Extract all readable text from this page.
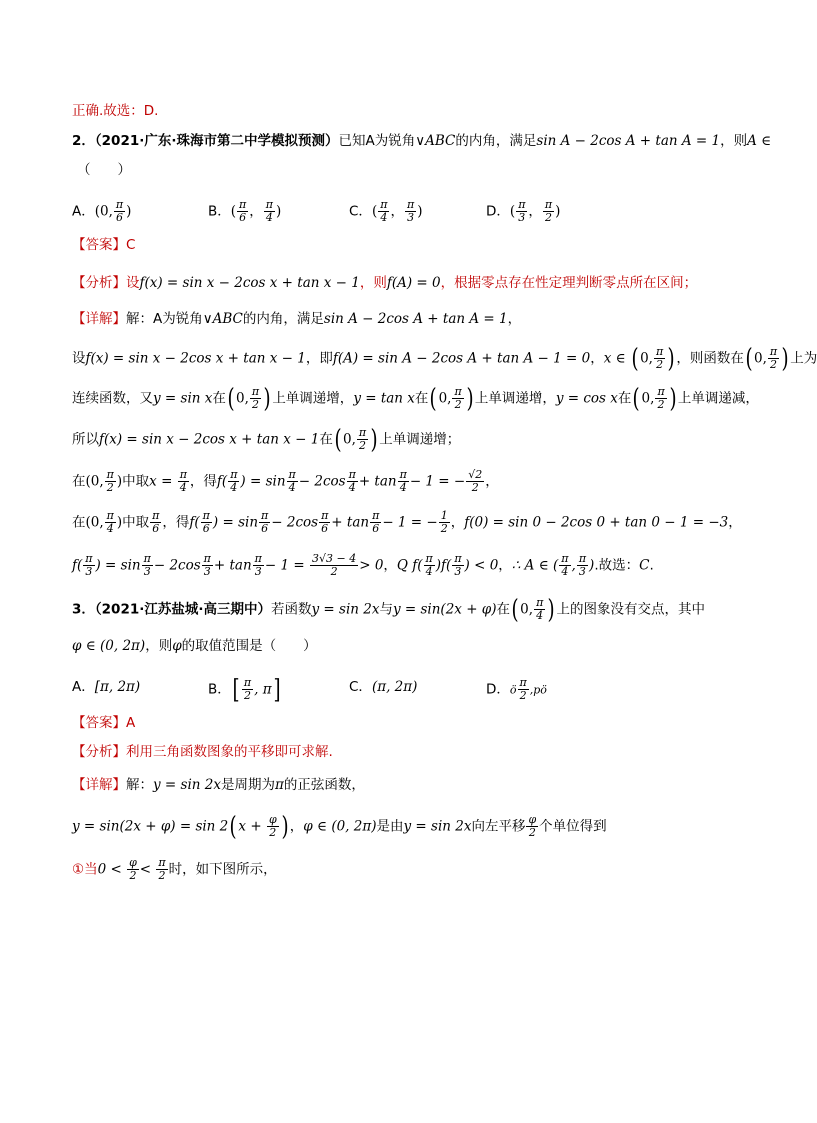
正确.故选：D.
2．（2021·广东·珠海市第二中学模拟预测）已知A为锐角∨ABC的内角，满足sin A − 2cos A + tan A = 1，则A ∈
（　　）
A．(0, $\frac{\pi}{6}$ )	B．( $\frac{\pi}{6}$ ， $\frac{\pi}{4}$ )	C．( $\frac{\pi}{4}$ ， $\frac{\pi}{3}$ )	D．( $\frac{\pi}{3}$ ， $\frac{\pi}{2}$ )
【答案】C
【分析】设f(x) = sin x − 2cos x + tan x − 1，则f(A) = 0，根据零点存在性定理判断零点所在区间；
【详解】解：A为锐角∨ABC的内角，满足sin A − 2cos A + tan A = 1，
设f(x) = sin x − 2cos x + tan x − 1，即f(A) = sin A − 2cos A + tan A − 1 = 0，x ∈ ( 0, $\frac{\pi}{2}$ ) ，则函数在( 0, $\frac{\pi}{2}$ ) 上为
连续函数，又y = sin x在( 0, $\frac{\pi}{2}$ ) 上单调递增，y = tan x在( 0, $\frac{\pi}{2}$ ) 上单调递增，y = cos x在( 0, $\frac{\pi}{2}$ ) 上单调递减，
所以f(x) = sin x − 2cos x + tan x − 1在( 0, $\frac{\pi}{2}$ ) 上单调递增；
在(0, $\frac{\pi}{2}$ )中取$x = \frac{\pi}{4}$ ，得$f( \frac{\pi}{4}$ ) = $\sin \frac{\pi}{4} - 2\cos \frac{\pi}{4} + \tan \frac{\pi}{4} - 1$ = − $\frac{√2}{2}$ ，
在(0, $\frac{\pi}{4}$ )中取 $\frac{\pi}{6}$ ，得$f( \frac{\pi}{6}$ ) = $\sin \frac{\pi}{6} - 2\cos \frac{\pi}{6} + \tan \frac{\pi}{6} - 1$ = − $\frac{1}{2}$ ，f(0) = sin 0 − 2cos 0 + tan 0 − 1 = −3，
$f( \frac{\pi}{3}$ ) = $\sin \frac{\pi}{3} - 2\cos \frac{\pi}{3} + \tan \frac{\pi}{3} - 1 = \frac{3√3 - 4}{2} > 0$，Q $f( \frac{\pi}{4} )f( \frac{\pi}{3}$ ) < 0，∴ A ∈ ( $\frac{\pi}{4}$ , $\frac{\pi}{3}$ ).故选：C.
3．（2021·江苏盐城·高三期中）若函数y = sin 2x与y = sin(2x + φ)在( 0, $\frac{\pi}{4}$ ) 上的图象没有交点，其中
φ ∈ (0, 2π)，则φ的取值范围是（　　）
A．[π, 2π)	B．[ $\frac{\pi}{2}$ , π]	C．(π, 2π)	D．ö $\frac{\pi}{2}$ ,pö
【答案】A
【分析】利用三角函数图象的平移即可求解.
【详解】解：y = sin 2x是周期为π的正弦函数，
y = sin(2x + φ) = sin 2( $x + \frac{\varphi}{2}$ ) ，φ ∈ (0, 2π)是由y = sin 2x向左平移 $\frac{\varphi}{2}$ 个单位得到
①当$0 < \frac{\varphi}{2} < \frac{\pi}{2}$ 时，如下图所示，
